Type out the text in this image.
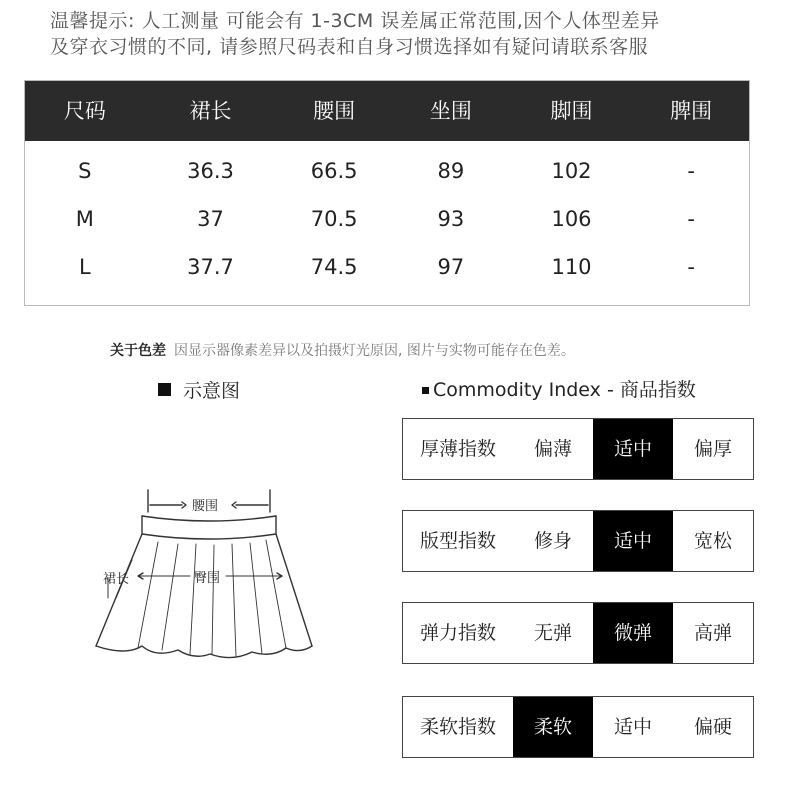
温馨提示: 人工测量 可能会有 1-3CM 误差属正常范围,因个人体型差异
及穿衣习惯的不同, 请参照尺码表和自身习惯选择如有疑问请联系客服
尺码	裙长	腰围	坐围	脚围	脾围
S	36.3	66.5	89	102	-
M	37	70.5	93	106	-
L	37.7	74.5	97	110	-
关于色差 因显示器像素差异以及拍摄灯光原因, 图片与实物可能存在色差。
示意图	Commodity Index - 商品指数
厚薄指数	偏薄	适中	偏厚
版型指数	修身	适中	宽松
弹力指数	无弹	微弹	高弹
柔软指数	柔软	适中	偏硬
腰围
裙长	臀围
